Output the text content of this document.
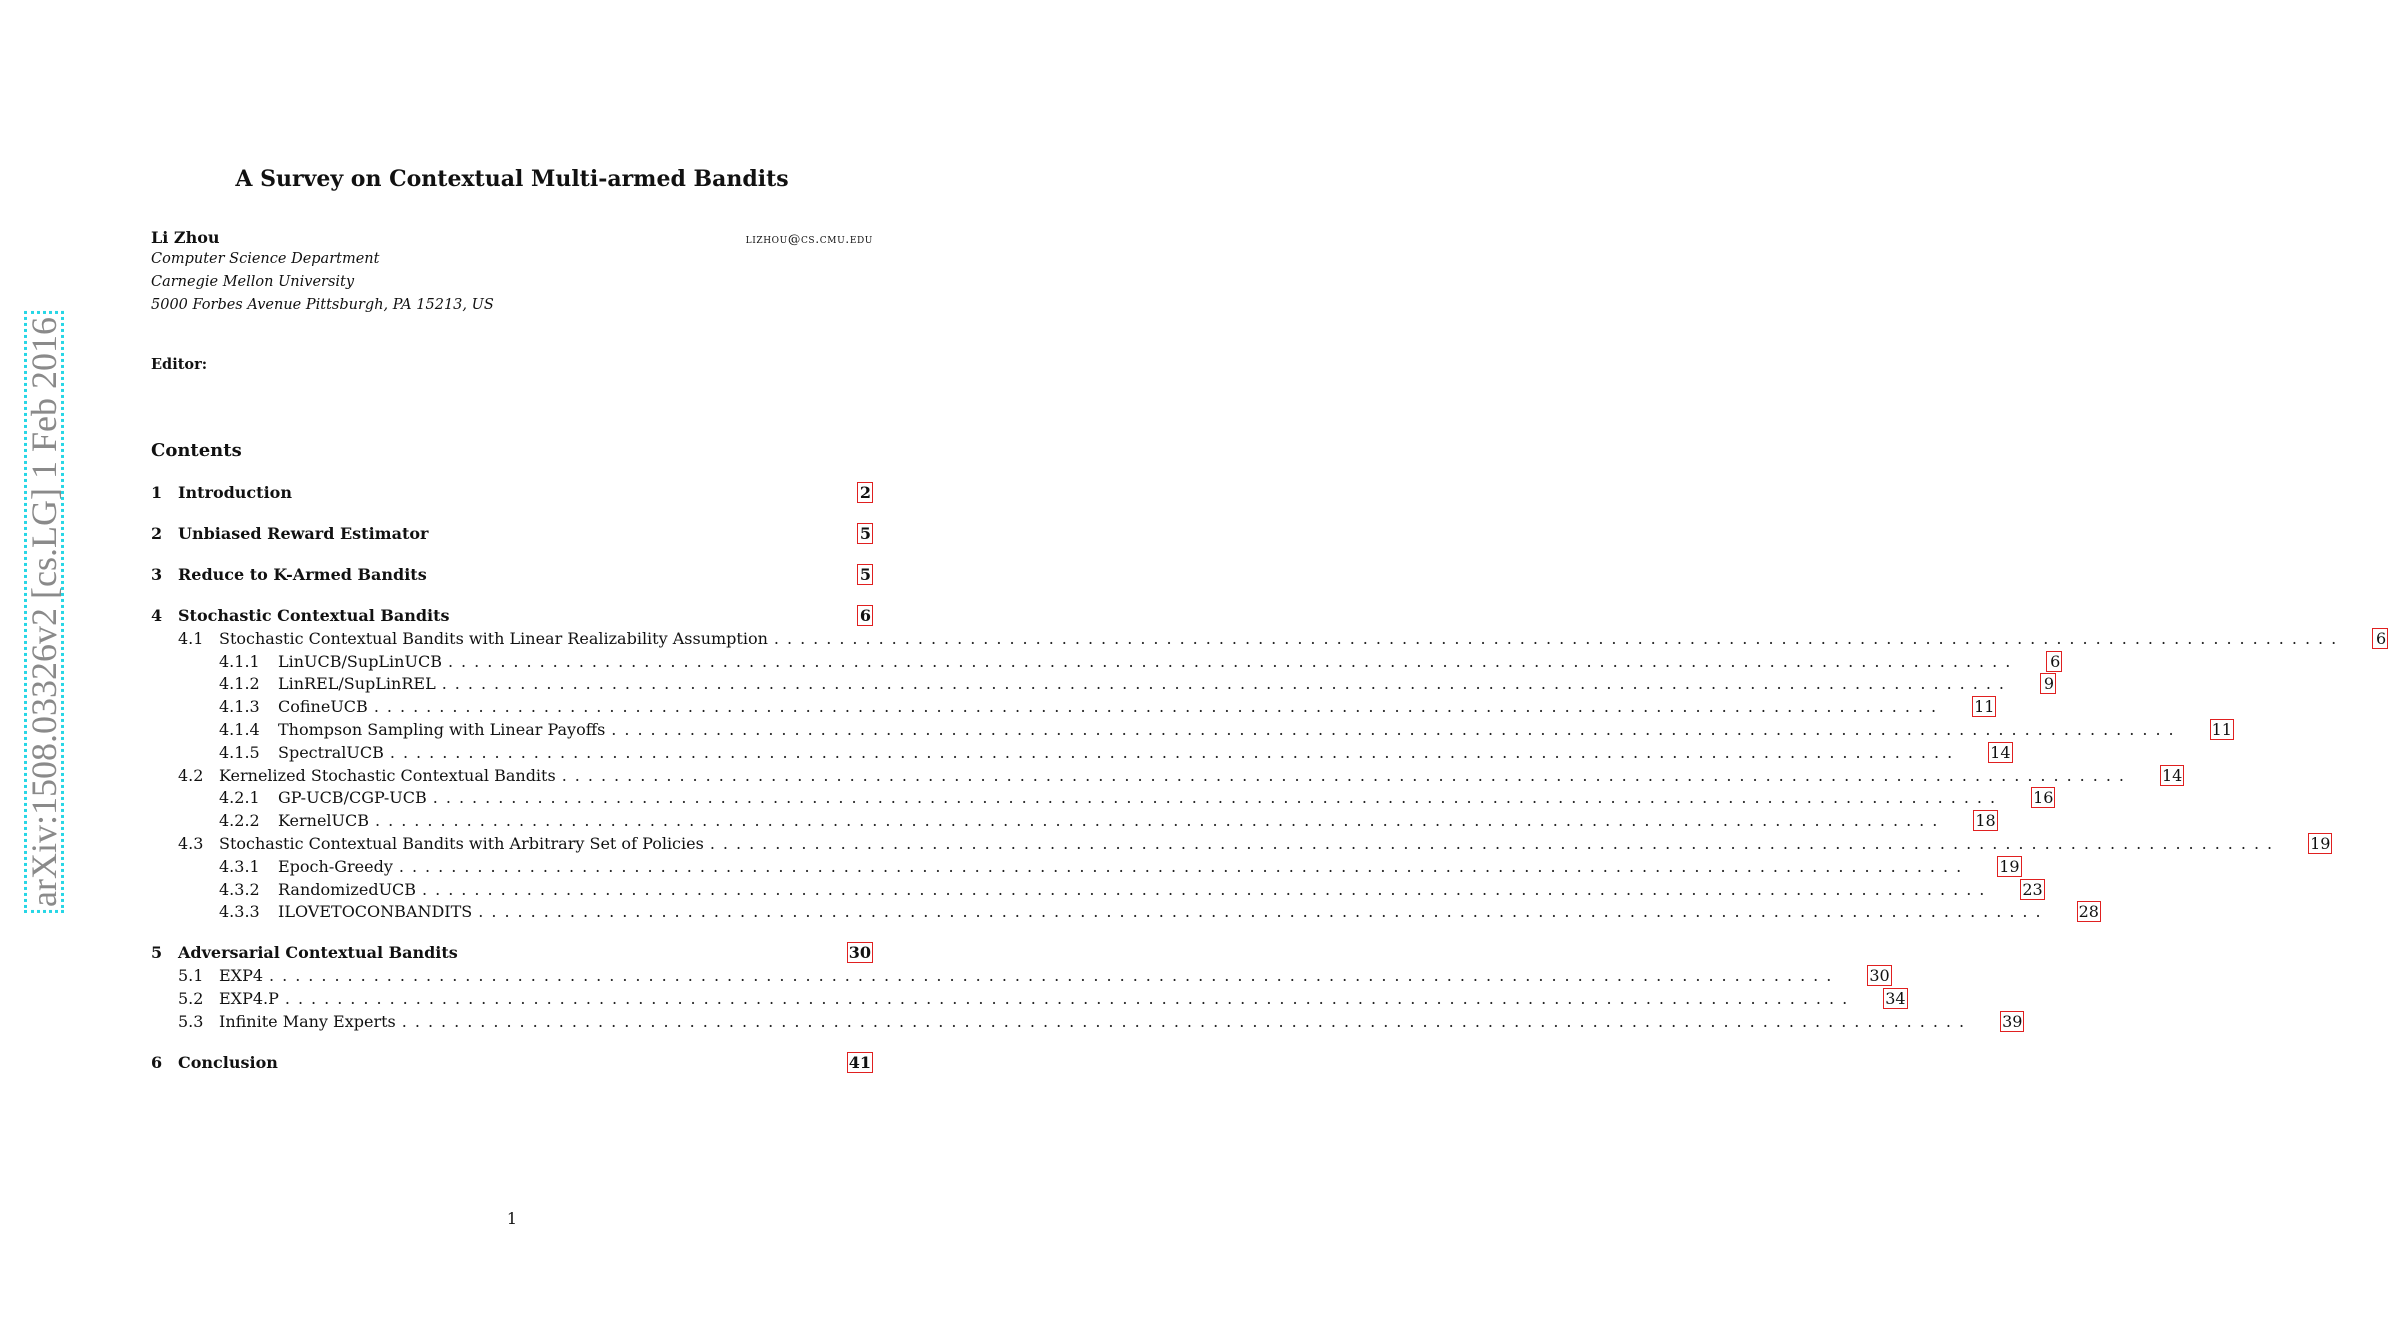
arXiv:1508.03326v2 [cs.LG] 1 Feb 2016
A Survey on Contextual Multi-armed Bandits
Li Zhou	lizhou@cs.cmu.edu
Computer Science Department
Carnegie Mellon University
5000 Forbes Avenue Pittsburgh, PA 15213, US
Editor:
Contents
1 Introduction	2
2 Unbiased Reward Estimator	5
3 Reduce to K-Armed Bandits	5
4 Stochastic Contextual Bandits	6
4.1 Stochastic Contextual Bandits with Linear Realizability Assumption ........................................................................................................................ 6
4.1.1	LinUCB/SupLinUCB ........................................................................................................................ 6
4.1.2	LinREL/SupLinREL ........................................................................................................................ 9
4.1.3	CofineUCB ........................................................................................................................ 11
4.1.4	Thompson Sampling with Linear Payoffs ........................................................................................................................ 11
4.1.5	SpectralUCB ........................................................................................................................ 14
4.2 Kernelized Stochastic Contextual Bandits ........................................................................................................................ 14
4.2.1	GP-UCB/CGP-UCB ........................................................................................................................ 16
4.2.2	KernelUCB ........................................................................................................................ 18
4.3 Stochastic Contextual Bandits with Arbitrary Set of Policies ........................................................................................................................ 19
4.3.1	Epoch-Greedy ........................................................................................................................ 19
4.3.2	RandomizedUCB ........................................................................................................................ 23
4.3.3	ILOVETOCONBANDITS ........................................................................................................................ 28
5 Adversarial Contextual Bandits	30
5.1 EXP4 ........................................................................................................................ 30
5.2 EXP4.P ........................................................................................................................ 34
5.3 Infinite Many Experts ........................................................................................................................ 39
6 Conclusion	41
1
